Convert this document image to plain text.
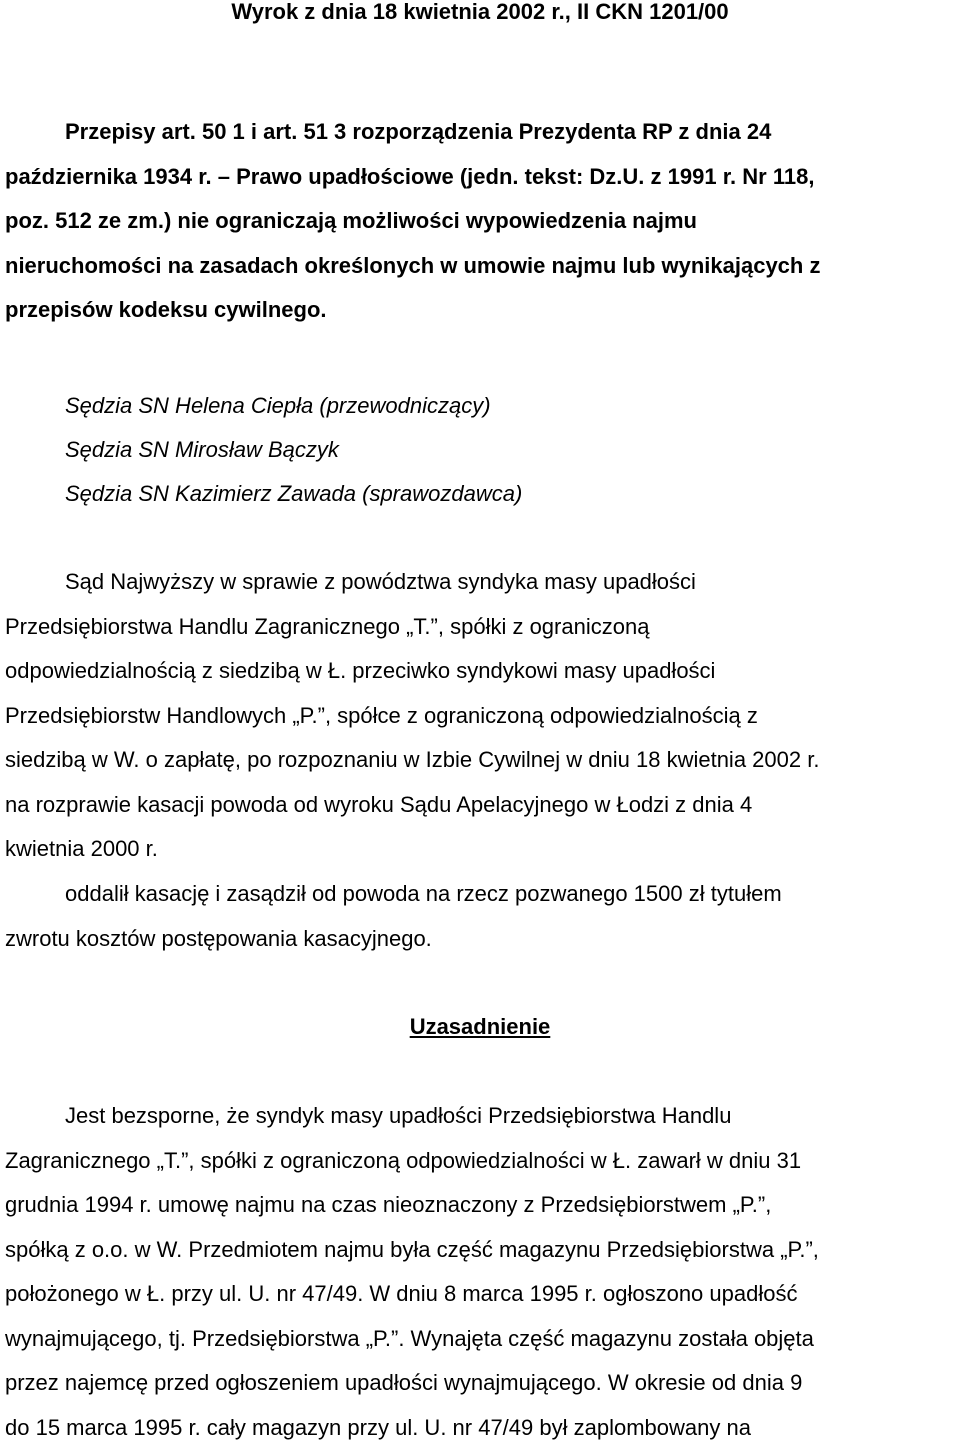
Wyrok z dnia 18 kwietnia 2002 r., II CKN 1201/00
Przepisy art. 50 1 i art. 51 3 rozporządzenia Prezydenta RP z dnia 24
października 1934 r. – Prawo upadłościowe (jedn. tekst: Dz.U. z 1991 r. Nr 118,
poz. 512 ze zm.) nie ograniczają możliwości wypowiedzenia najmu
nieruchomości na zasadach określonych w umowie najmu lub wynikających z
przepisów kodeksu cywilnego.
Sędzia SN Helena Ciepła (przewodniczący)
Sędzia SN Mirosław Bączyk
Sędzia SN Kazimierz Zawada (sprawozdawca)
Sąd Najwyższy w sprawie z powództwa syndyka masy upadłości
Przedsiębiorstwa Handlu Zagranicznego „T.”, spółki z ograniczoną
odpowiedzialnością z siedzibą w Ł. przeciwko syndykowi masy upadłości
Przedsiębiorstw Handlowych „P.”, spółce z ograniczoną odpowiedzialnością z
siedzibą w W. o zapłatę, po rozpoznaniu w Izbie Cywilnej w dniu 18 kwietnia 2002 r.
na rozprawie kasacji powoda od wyroku Sądu Apelacyjnego w Łodzi z dnia 4
kwietnia 2000 r.
oddalił kasację i zasądził od powoda na rzecz pozwanego 1500 zł tytułem
zwrotu kosztów postępowania kasacyjnego.
Uzasadnienie
Jest bezsporne, że syndyk masy upadłości Przedsiębiorstwa Handlu
Zagranicznego „T.”, spółki z ograniczoną odpowiedzialności w Ł. zawarł w dniu 31
grudnia 1994 r. umowę najmu na czas nieoznaczony z Przedsiębiorstwem „P.”,
spółką z o.o. w W. Przedmiotem najmu była część magazynu Przedsiębiorstwa „P.”,
położonego w Ł. przy ul. U. nr 47/49. W dniu 8 marca 1995 r. ogłoszono upadłość
wynajmującego, tj. Przedsiębiorstwa „P.”. Wynajęta część magazynu została objęta
przez najemcę przed ogłoszeniem upadłości wynajmującego. W okresie od dnia 9
do 15 marca 1995 r. cały magazyn przy ul. U. nr 47/49 był zaplombowany na
